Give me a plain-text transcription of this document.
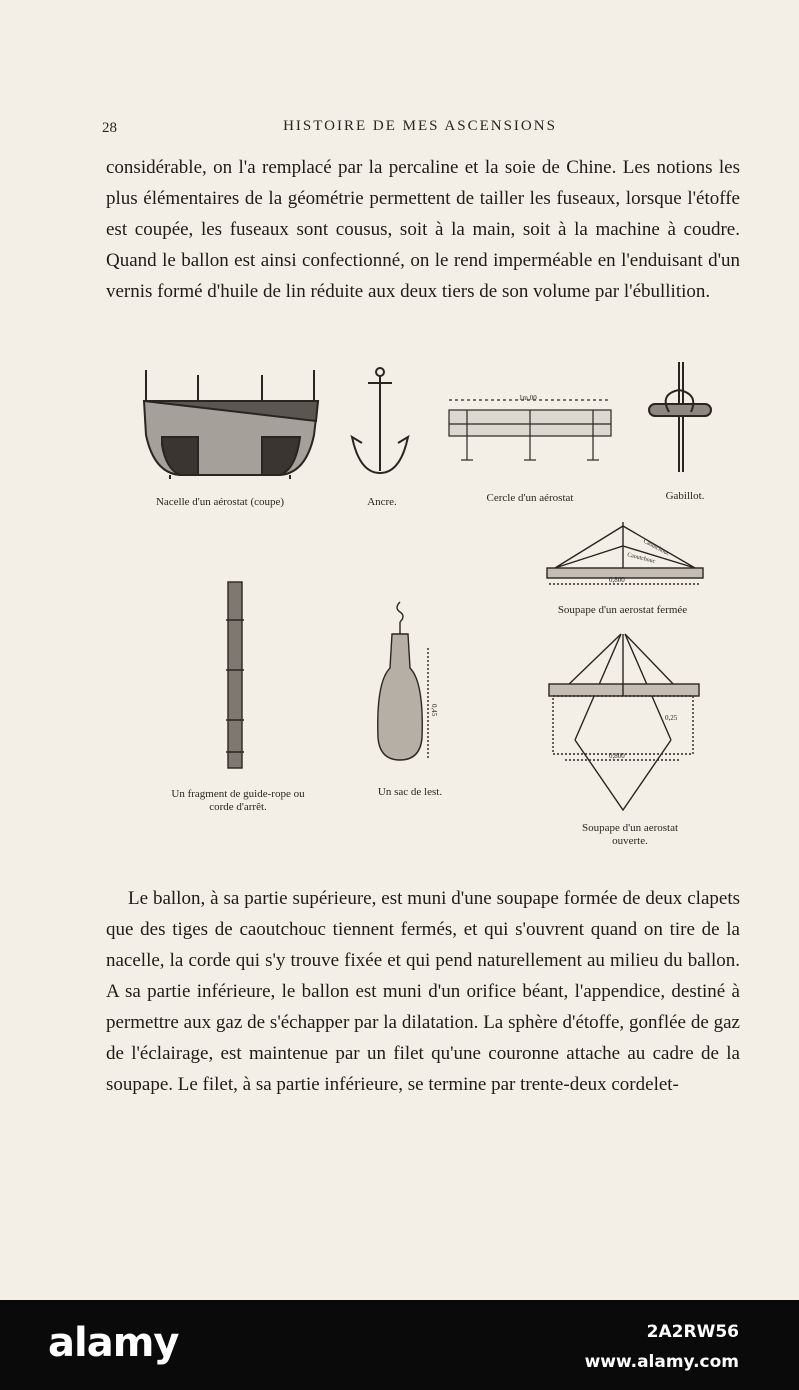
28	HISTOIRE DE MES ASCENSIONS

considérable, on l'a remplacé par la percaline et la soie de Chine. Les notions les plus élémentaires de la géométrie permettent de tailler les fuseaux, lorsque l'étoffe est coupée, les fuseaux sont cousus, soit à la main, soit à la machine à coudre. Quand le ballon est ainsi confectionné, on le rend imperméable en l'enduisant d'un vernis formé d'huile de lin réduite aux deux tiers de son volume par l'ébullition.

Nacelle d'un aérostat (coupe)	Ancre.
1m 00
Cercle d'un aérostat	Gabillot.
Caoutchouc
Caoutchouc
0,800
Soupape d'un aerostat fermée
Un fragment de guide-rope ou
corde d'arrêt.
0,45
Un sac de lest.
0,25
0,800
Soupape d'un aerostat
ouverte.

Le ballon, à sa partie supérieure, est muni d'une soupape formée de deux clapets que des tiges de caoutchouc tiennent fermés, et qui s'ouvrent quand on tire de la nacelle, la corde qui s'y trouve fixée et qui pend naturellement au milieu du ballon. A sa partie inférieure, le ballon est muni d'un orifice béant, l'appendice, destiné à permettre aux gaz de s'échapper par la dilatation. La sphère d'étoffe, gonflée de gaz de l'éclairage, est maintenue par un filet qu'une couronne attache au cadre de la soupape. Le filet, à sa partie inférieure, se termine par trente-deux cordelet-

alamy	2A2RW56
www.alamy.com
